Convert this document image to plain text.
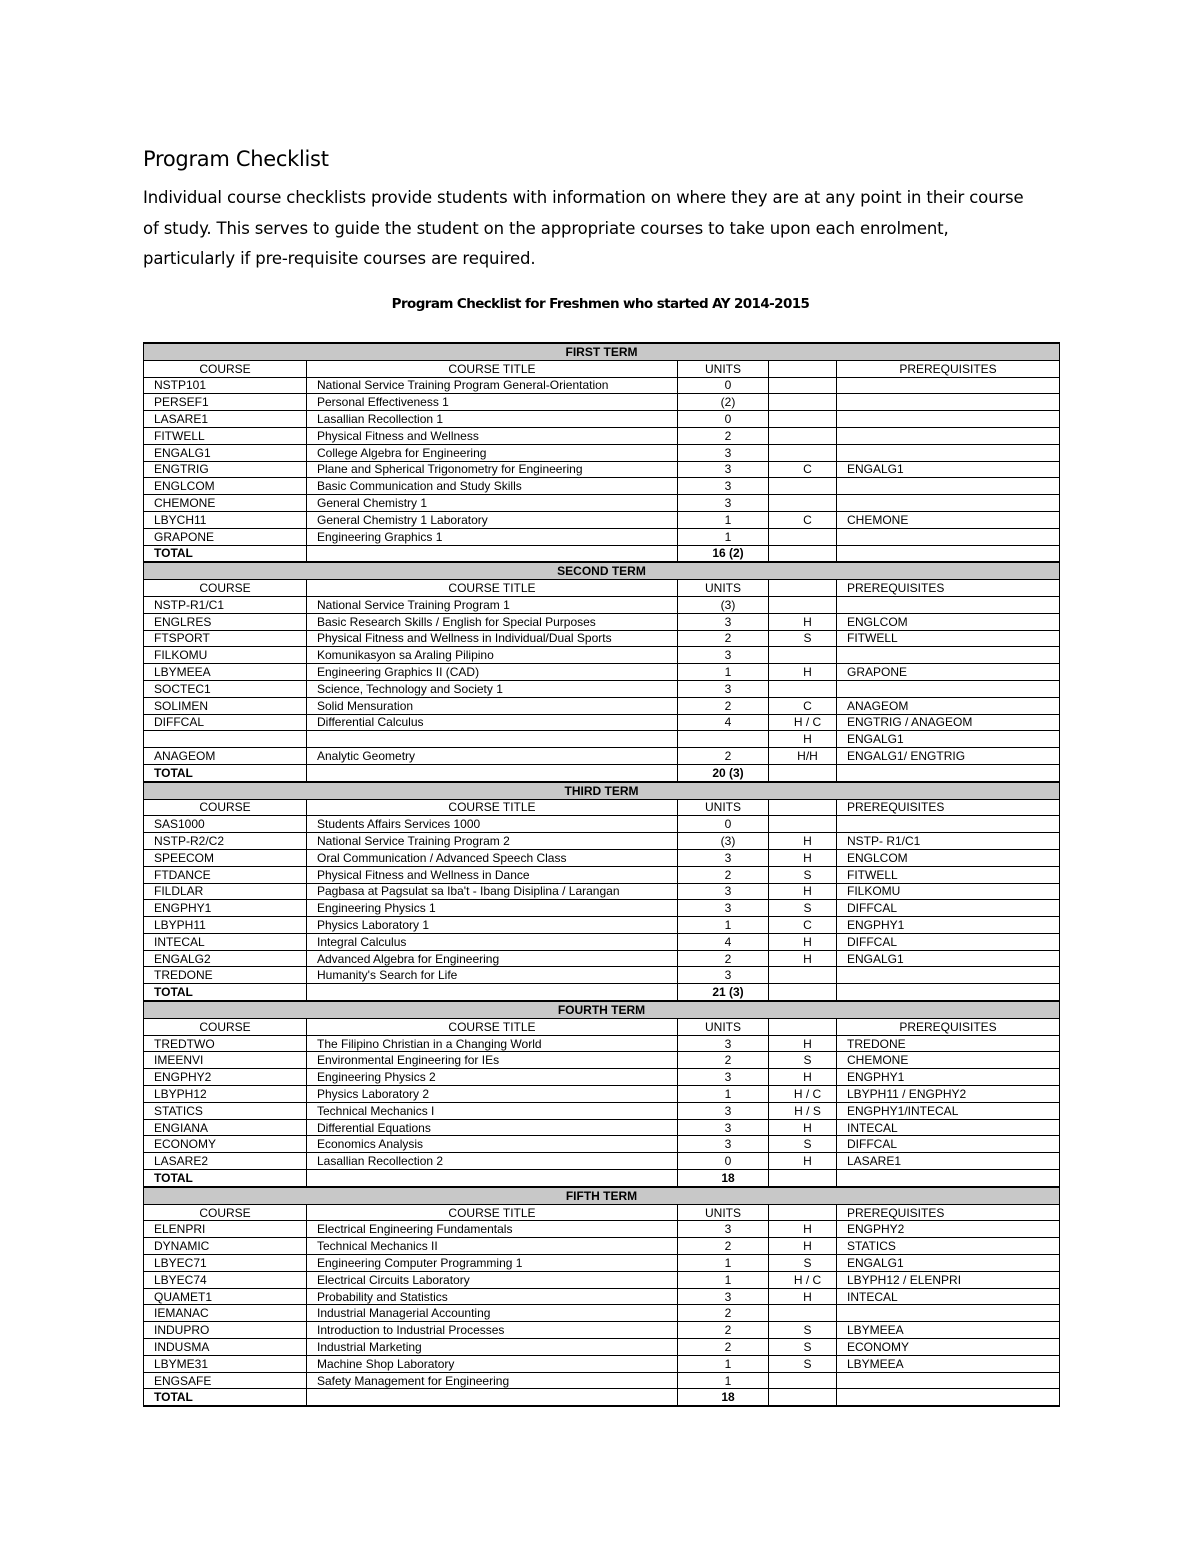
Program Checklist

Individual course checklists provide students with information on where they are at any point in their course of study. This serves to guide the student on the appropriate courses to take upon each enrolment, particularly if pre-requisite courses are required.

Program Checklist for Freshmen who started AY 2014-2015

FIRST TERM				
COURSE	COURSE TITLE	UNITS		PREREQUISITES
NSTP101	National Service Training Program General-Orientation	0		
PERSEF1	Personal Effectiveness 1	(2)		
LASARE1	Lasallian Recollection 1	0		
FITWELL	Physical Fitness and Wellness	2		
ENGALG1	College Algebra for Engineering	3		
ENGTRIG	Plane and Spherical Trigonometry for Engineering	3	C	ENGALG1
ENGLCOM	Basic Communication and Study Skills	3		
CHEMONE	General Chemistry 1	3		
LBYCH11	General Chemistry 1 Laboratory	1	C	CHEMONE
GRAPONE	Engineering Graphics 1	1		
TOTAL		16 (2)		
SECOND TERM				
COURSE	COURSE TITLE	UNITS		PREREQUISITES
NSTP-R1/C1	National Service Training Program 1	(3)		
ENGLRES	Basic Research Skills / English for Special Purposes	3	H	ENGLCOM
FTSPORT	Physical Fitness and Wellness in Individual/Dual Sports	2	S	FITWELL
FILKOMU	Komunikasyon sa Araling Pilipino	3		
LBYMEEA	Engineering Graphics II (CAD)	1	H	GRAPONE
SOCTEC1	Science, Technology and Society 1	3		
SOLIMEN	Solid Mensuration	2	C	ANAGEOM
DIFFCAL	Differential Calculus	4	H / C	ENGTRIG / ANAGEOM
			H	ENGALG1
ANAGEOM	Analytic Geometry	2	H/H	ENGALG1/ ENGTRIG
TOTAL		20 (3)		
THIRD TERM				
COURSE	COURSE TITLE	UNITS		PREREQUISITES
SAS1000	Students Affairs Services 1000	0		
NSTP-R2/C2	National Service Training Program 2	(3)	H	NSTP- R1/C1
SPEECOM	Oral Communication / Advanced Speech Class	3	H	ENGLCOM
FTDANCE	Physical Fitness and Wellness in Dance	2	S	FITWELL
FILDLAR	Pagbasa at Pagsulat sa Iba't - Ibang Disiplina / Larangan	3	H	FILKOMU
ENGPHY1	Engineering Physics 1	3	S	DIFFCAL
LBYPH11	Physics Laboratory 1	1	C	ENGPHY1
INTECAL	Integral Calculus	4	H	DIFFCAL
ENGALG2	Advanced Algebra for Engineering	2	H	ENGALG1
TREDONE	Humanity's Search for Life	3		
TOTAL		21 (3)		
FOURTH TERM				
COURSE	COURSE TITLE	UNITS		PREREQUISITES
TREDTWO	The Filipino Christian in a Changing World	3	H	TREDONE
IMEENVI	Environmental Engineering for IEs	2	S	CHEMONE
ENGPHY2	Engineering Physics 2	3	H	ENGPHY1
LBYPH12	Physics Laboratory 2	1	H / C	LBYPH11 / ENGPHY2
STATICS	Technical Mechanics I	3	H / S	ENGPHY1/INTECAL
ENGIANA	Differential Equations	3	H	INTECAL
ECONOMY	Economics Analysis	3	S	DIFFCAL
LASARE2	Lasallian Recollection 2	0	H	LASARE1
TOTAL		18		
FIFTH TERM				
COURSE	COURSE TITLE	UNITS		PREREQUISITES
ELENPRI	Electrical Engineering Fundamentals	3	H	ENGPHY2
DYNAMIC	Technical Mechanics II	2	H	STATICS
LBYEC71	Engineering Computer Programming 1	1	S	ENGALG1
LBYEC74	Electrical Circuits Laboratory	1	H / C	LBYPH12 / ELENPRI
QUAMET1	Probability and Statistics	3	H	INTECAL
IEMANAC	Industrial Managerial Accounting	2		
INDUPRO	Introduction to Industrial Processes	2	S	LBYMEEA
INDUSMA	Industrial Marketing	2	S	ECONOMY
LBYME31	Machine Shop Laboratory	1	S	LBYMEEA
ENGSAFE	Safety Management for Engineering	1		
TOTAL		18		
